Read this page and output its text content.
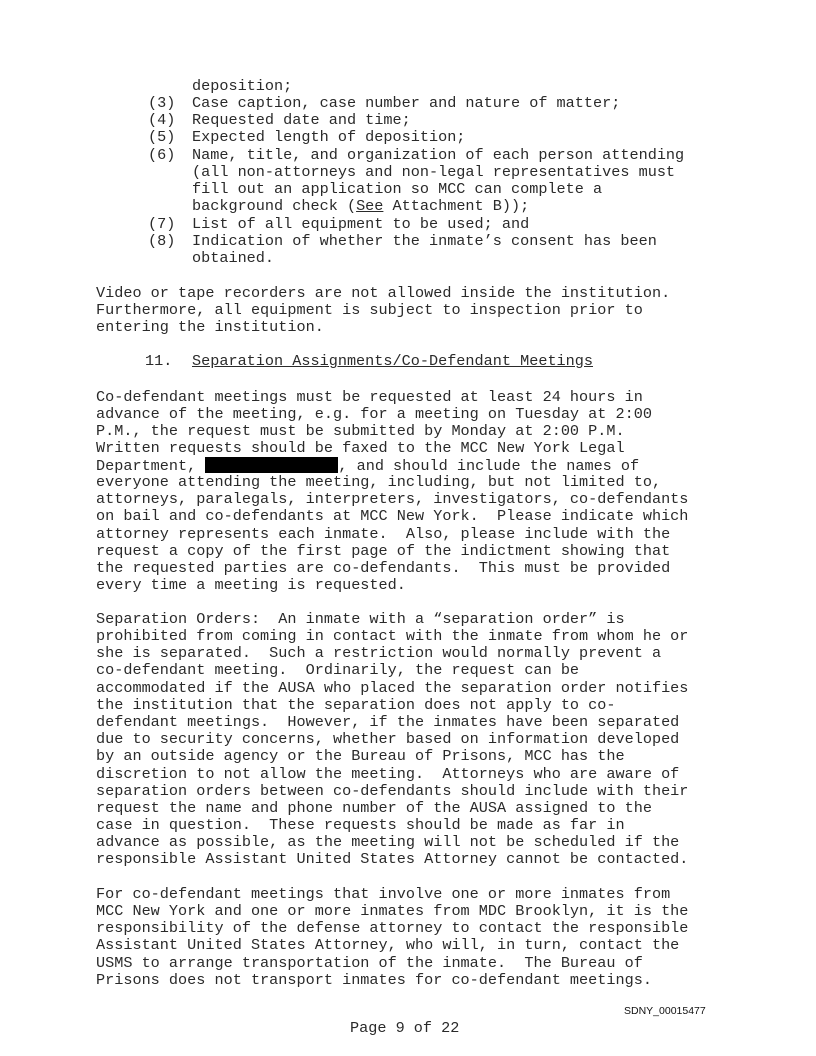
deposition;
(3) Case caption, case number and nature of matter;
(4) Requested date and time;
(5) Expected length of deposition;
(6) Name, title, and organization of each person attending
(all non-attorneys and non-legal representatives must
fill out an application so MCC can complete a
background check (See Attachment B));
(7) List of all equipment to be used; and
(8) Indication of whether the inmate’s consent has been
obtained.
Video or tape recorders are not allowed inside the institution.
Furthermore, all equipment is subject to inspection prior to
entering the institution.
11. Separation Assignments/Co-Defendant Meetings
Co-defendant meetings must be requested at least 24 hours in
advance of the meeting, e.g. for a meeting on Tuesday at 2:00
P.M., the request must be submitted by Monday at 2:00 P.M.
Written requests should be faxed to the MCC New York Legal
Department,	, and should include the names of
everyone attending the meeting, including, but not limited to,
attorneys, paralegals, interpreters, investigators, co-defendants
on bail and co-defendants at MCC New York.  Please indicate which
attorney represents each inmate.  Also, please include with the
request a copy of the first page of the indictment showing that
the requested parties are co-defendants.  This must be provided
every time a meeting is requested.
Separation Orders:  An inmate with a “separation order” is
prohibited from coming in contact with the inmate from whom he or
she is separated.  Such a restriction would normally prevent a
co-defendant meeting.  Ordinarily, the request can be
accommodated if the AUSA who placed the separation order notifies
the institution that the separation does not apply to co-
defendant meetings.  However, if the inmates have been separated
due to security concerns, whether based on information developed
by an outside agency or the Bureau of Prisons, MCC has the
discretion to not allow the meeting.  Attorneys who are aware of
separation orders between co-defendants should include with their
request the name and phone number of the AUSA assigned to the
case in question.  These requests should be made as far in
advance as possible, as the meeting will not be scheduled if the
responsible Assistant United States Attorney cannot be contacted.
For co-defendant meetings that involve one or more inmates from
MCC New York and one or more inmates from MDC Brooklyn, it is the
responsibility of the defense attorney to contact the responsible
Assistant United States Attorney, who will, in turn, contact the
USMS to arrange transportation of the inmate.  The Bureau of
Prisons does not transport inmates for co-defendant meetings.
SDNY_00015477
Page 9 of 22
